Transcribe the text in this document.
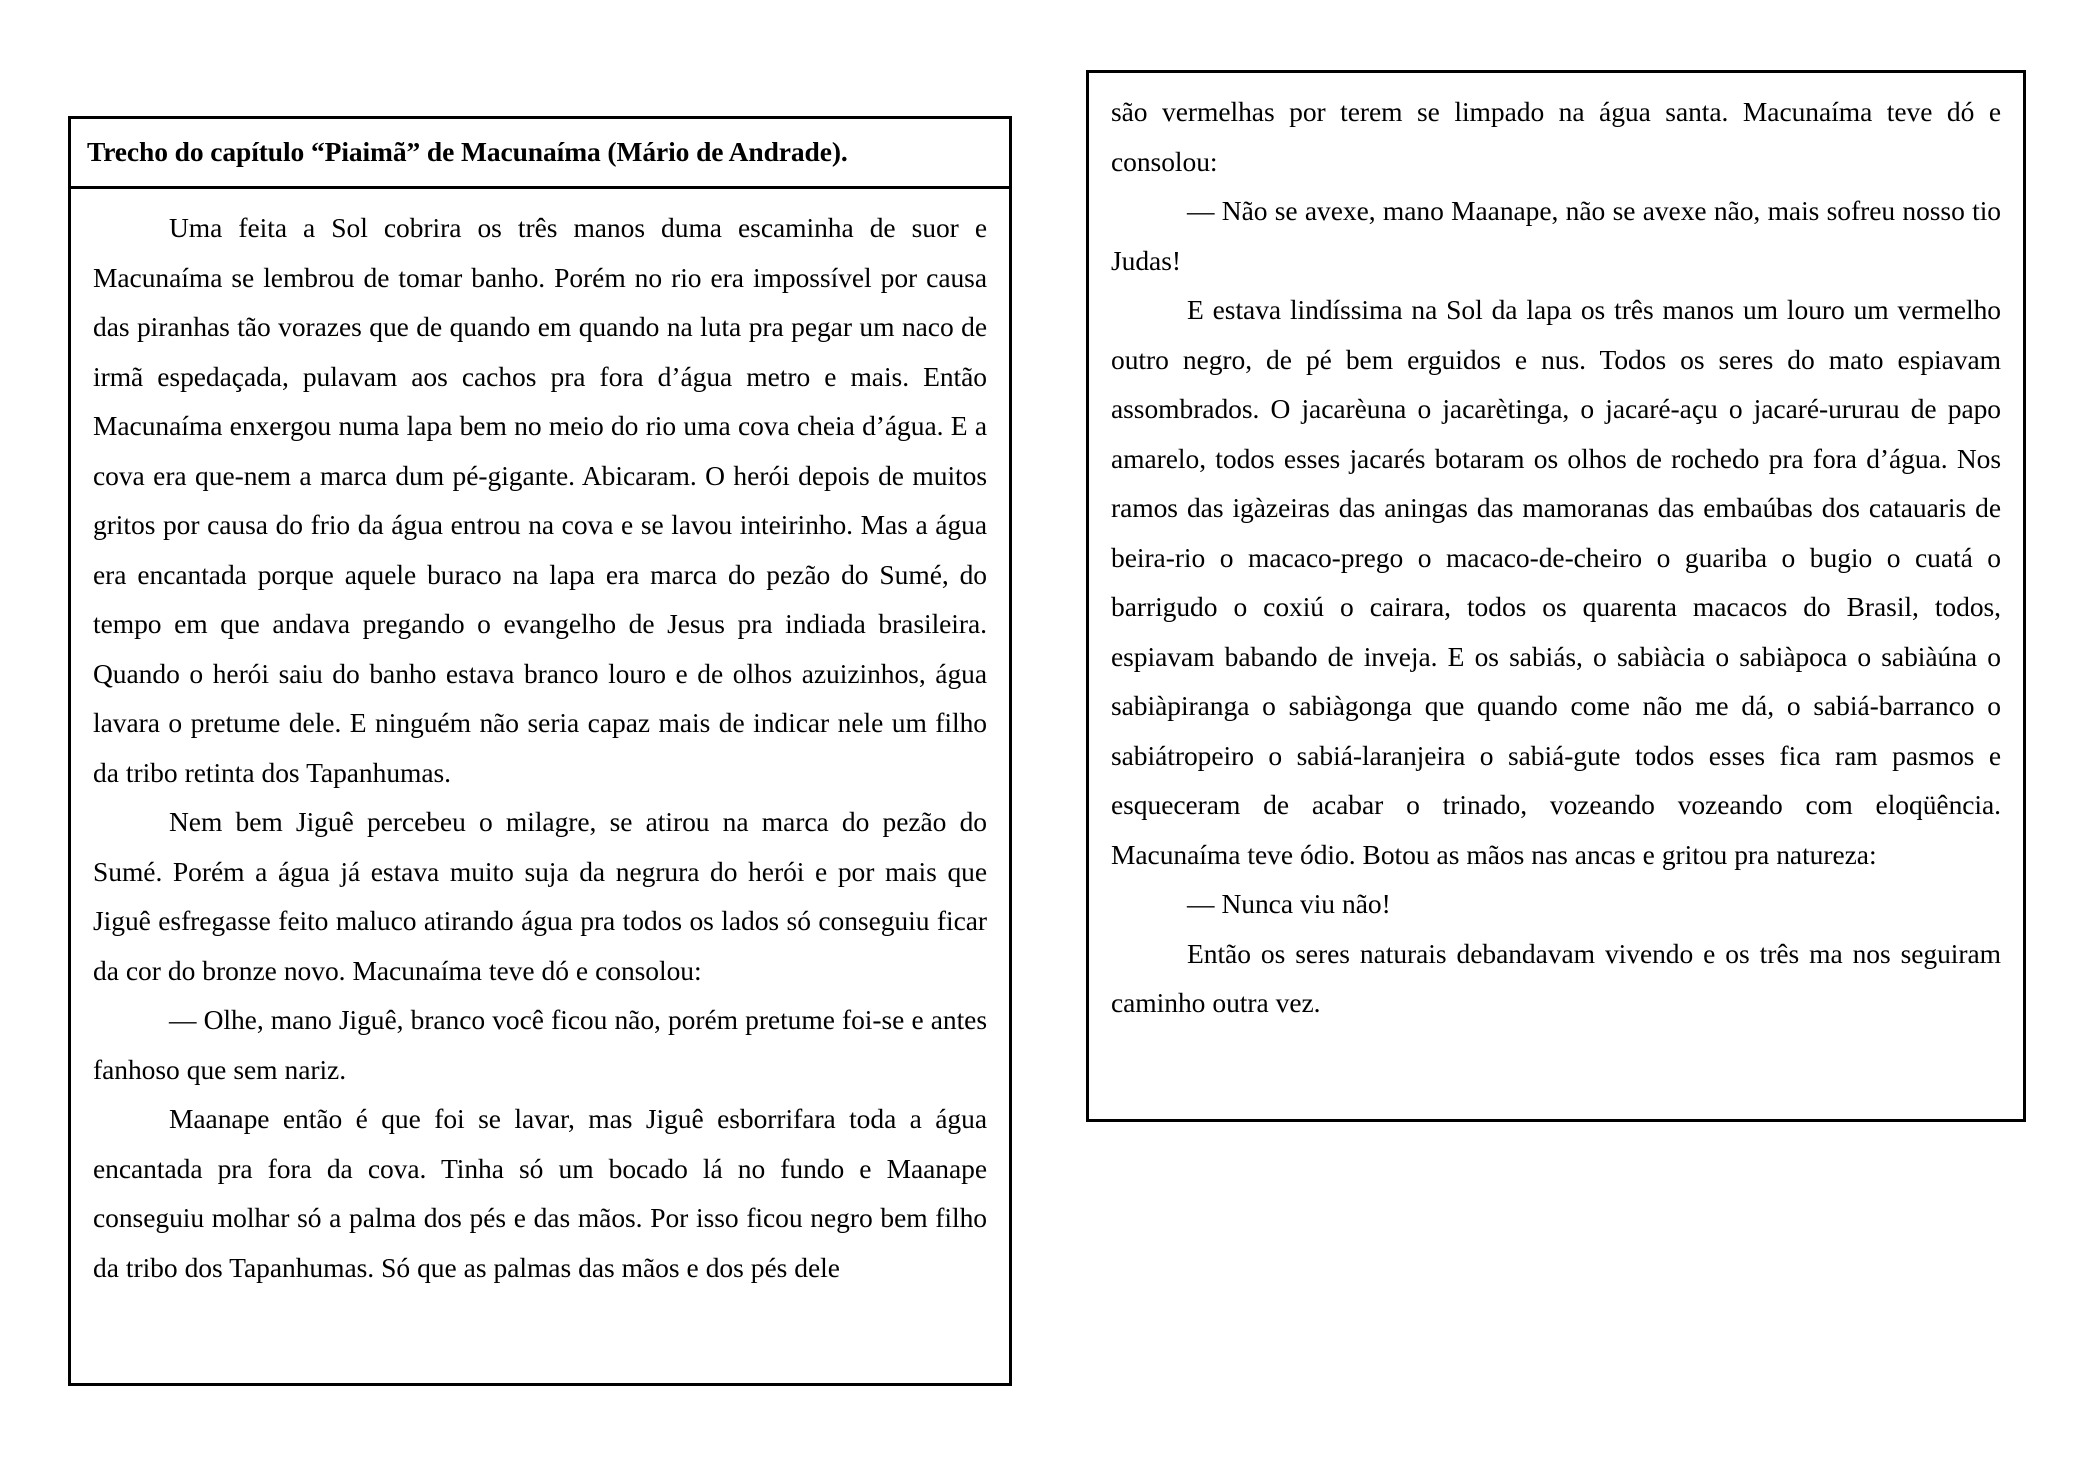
Trecho do capítulo “Piaimã” de Macunaíma (Mário de Andrade).

Uma feita a Sol cobrira os três manos duma escaminha de suor e Macunaíma se lembrou de tomar banho. Porém no rio era impossível por causa das piranhas tão vorazes que de quando em quando na luta pra pegar um naco de irmã espedaçada, pulavam aos cachos pra fora d’água metro e mais. Então Macunaíma enxergou numa lapa bem no meio do rio uma cova cheia d’água. E a cova era que-nem a marca dum pé-gigante. Abicaram. O herói depois de muitos gritos por causa do frio da água entrou na cova e se lavou inteirinho. Mas a água era encantada porque aquele buraco na lapa era marca do pezão do Sumé, do tempo em que andava pregando o evangelho de Jesus pra indiada brasileira. Quando o herói saiu do banho estava branco louro e de olhos azuizinhos, água lavara o pretume dele. E ninguém não seria capaz mais de indicar nele um filho da tribo retinta dos Tapanhumas.

Nem bem Jiguê percebeu o milagre, se atirou na marca do pezão do Sumé. Porém a água já estava muito suja da negrura do herói e por mais que Jiguê esfregasse feito maluco atirando água pra todos os lados só conseguiu ficar da cor do bronze novo. Macunaíma teve dó e consolou:

— Olhe, mano Jiguê, branco você ficou não, porém pretume foi-se e antes fanhoso que sem nariz.

Maanape então é que foi se lavar, mas Jiguê esborrifara toda a água encantada pra fora da cova. Tinha só um bocado lá no fundo e Maanape conseguiu molhar só a palma dos pés e das mãos. Por isso ficou negro bem filho da tribo dos Tapanhumas. Só que as palmas das mãos e dos pés dele

são vermelhas por terem se limpado na água santa. Macunaíma teve dó e consolou:

— Não se avexe, mano Maanape, não se avexe não, mais sofreu nosso tio Judas!

E estava lindíssima na Sol da lapa os três manos um louro um vermelho outro negro, de pé bem erguidos e nus. Todos os seres do mato espiavam assombrados. O jacarèuna o jacarètinga, o jacaré-açu o jacaré-ururau de papo amarelo, todos esses jacarés botaram os olhos de rochedo pra fora d’água. Nos ramos das igàzeiras das aningas das mamoranas das embaúbas dos catauaris de beira-rio o macaco-prego o macaco-de-cheiro o guariba o bugio o cuatá o barrigudo o coxiú o cairara, todos os quarenta macacos do Brasil, todos, espiavam babando de inveja. E os sabiás, o sabiàcia o sabiàpoca o sabiàúna o sabiàpiranga o sabiàgonga que quando come não me dá, o sabiá-barranco o sabiátropeiro o sabiá-laranjeira o sabiá-gute todos esses fica ram pasmos e esqueceram de acabar o trinado, vozeando vozeando com eloqüência. Macunaíma teve ódio. Botou as mãos nas ancas e gritou pra natureza:

— Nunca viu não!

Então os seres naturais debandavam vivendo e os três ma nos seguiram caminho outra vez.
